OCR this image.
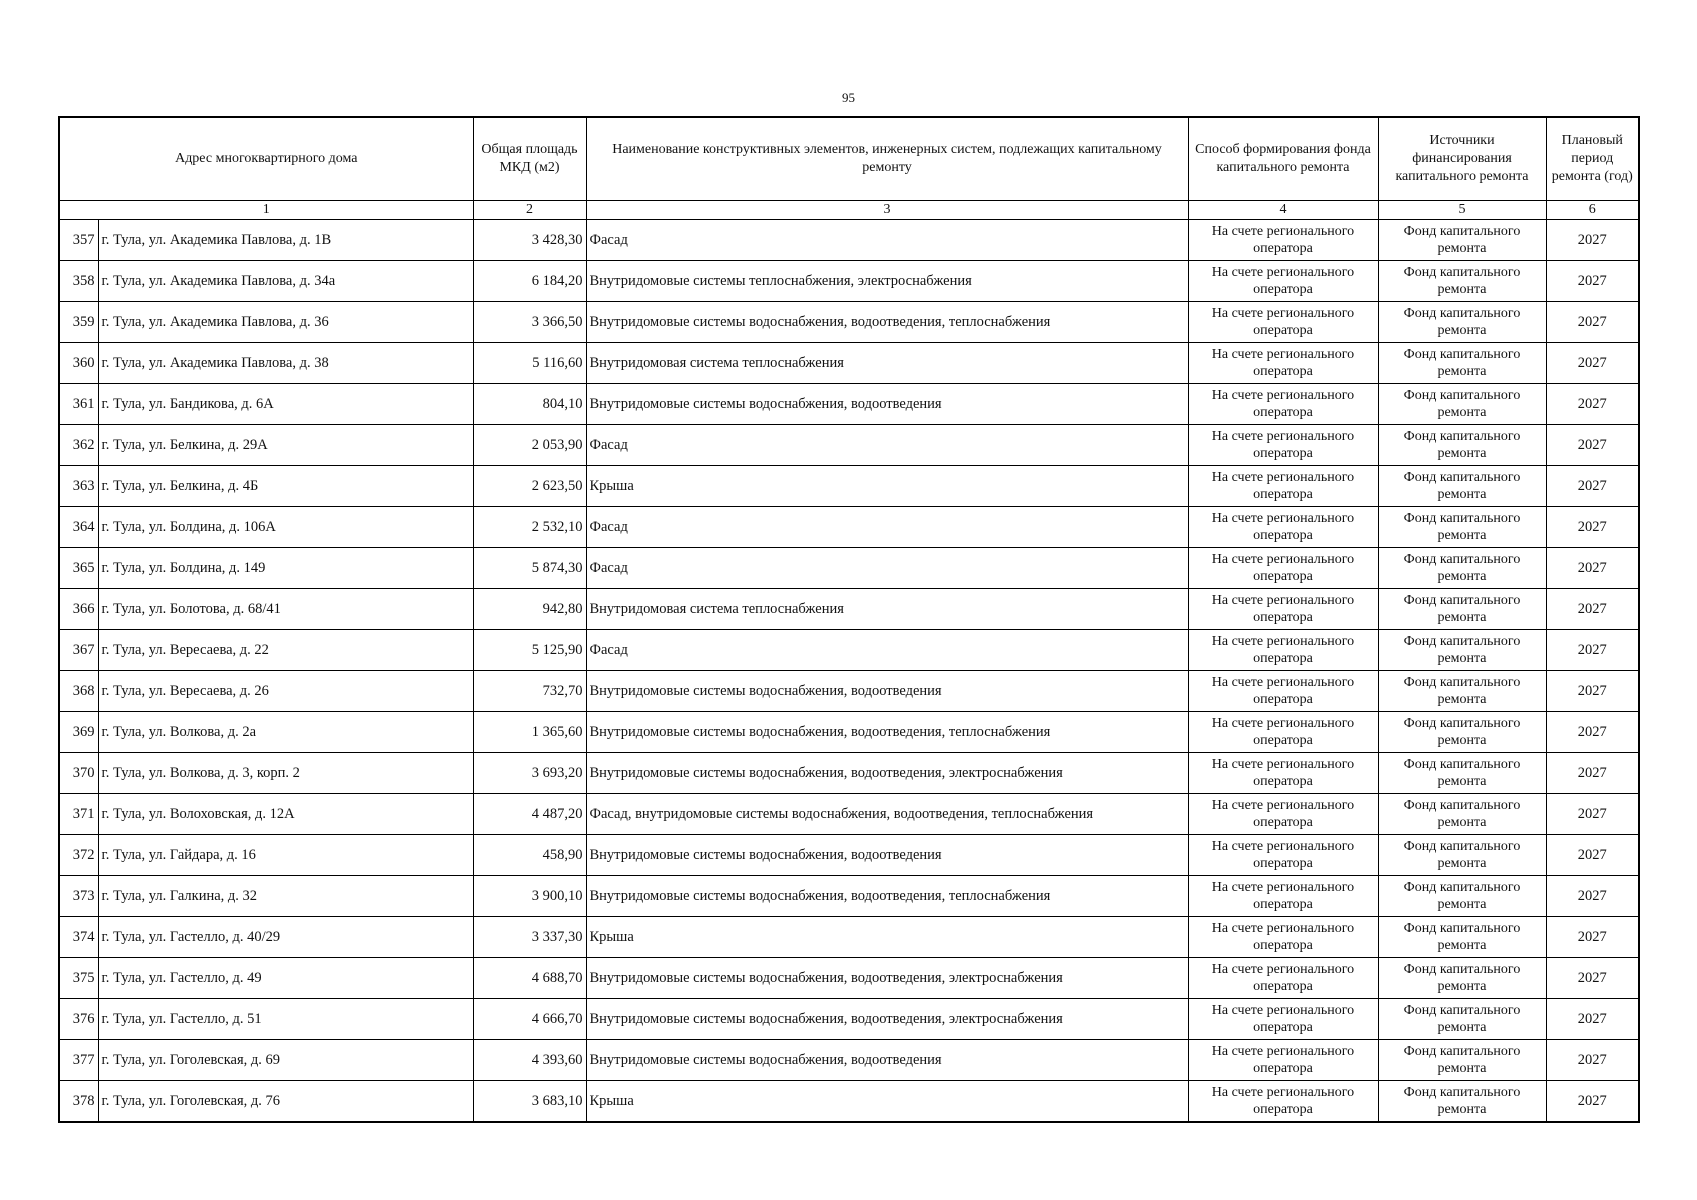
95
Адрес многоквартирного дома		Общая площадь МКД (м2)	Наименование конструктивных элементов, инженерных систем, подлежащих капитальному ремонту	Способ формирования фонда капитального ремонта	Источники финансирования капитального ремонта	Плановый период ремонта (год)
1		2	3	4	5	6
357	г. Тула, ул. Академика Павлова, д. 1В	3 428,30	Фасад	На счете регионального оператора	Фонд капитального ремонта	2027
358	г. Тула, ул. Академика Павлова, д. 34а	6 184,20	Внутридомовые системы теплоснабжения, электроснабжения	На счете регионального оператора	Фонд капитального ремонта	2027
359	г. Тула, ул. Академика Павлова, д. 36	3 366,50	Внутридомовые системы водоснабжения, водоотведения, теплоснабжения	На счете регионального оператора	Фонд капитального ремонта	2027
360	г. Тула, ул. Академика Павлова, д. 38	5 116,60	Внутридомовая система теплоснабжения	На счете регионального оператора	Фонд капитального ремонта	2027
361	г. Тула, ул. Бандикова, д. 6А	804,10	Внутридомовые системы водоснабжения, водоотведения	На счете регионального оператора	Фонд капитального ремонта	2027
362	г. Тула, ул. Белкина, д. 29А	2 053,90	Фасад	На счете регионального оператора	Фонд капитального ремонта	2027
363	г. Тула, ул. Белкина, д. 4Б	2 623,50	Крыша	На счете регионального оператора	Фонд капитального ремонта	2027
364	г. Тула, ул. Болдина, д. 106А	2 532,10	Фасад	На счете регионального оператора	Фонд капитального ремонта	2027
365	г. Тула, ул. Болдина, д. 149	5 874,30	Фасад	На счете регионального оператора	Фонд капитального ремонта	2027
366	г. Тула, ул. Болотова, д. 68/41	942,80	Внутридомовая система теплоснабжения	На счете регионального оператора	Фонд капитального ремонта	2027
367	г. Тула, ул. Вересаева, д. 22	5 125,90	Фасад	На счете регионального оператора	Фонд капитального ремонта	2027
368	г. Тула, ул. Вересаева, д. 26	732,70	Внутридомовые системы водоснабжения, водоотведения	На счете регионального оператора	Фонд капитального ремонта	2027
369	г. Тула, ул. Волкова, д. 2а	1 365,60	Внутридомовые системы водоснабжения, водоотведения, теплоснабжения	На счете регионального оператора	Фонд капитального ремонта	2027
370	г. Тула, ул. Волкова, д. 3, корп. 2	3 693,20	Внутридомовые системы водоснабжения, водоотведения, электроснабжения	На счете регионального оператора	Фонд капитального ремонта	2027
371	г. Тула, ул. Волоховская, д. 12А	4 487,20	Фасад, внутридомовые системы водоснабжения, водоотведения, теплоснабжения	На счете регионального оператора	Фонд капитального ремонта	2027
372	г. Тула, ул. Гайдара, д. 16	458,90	Внутридомовые системы водоснабжения, водоотведения	На счете регионального оператора	Фонд капитального ремонта	2027
373	г. Тула, ул. Галкина, д. 32	3 900,10	Внутридомовые системы водоснабжения, водоотведения, теплоснабжения	На счете регионального оператора	Фонд капитального ремонта	2027
374	г. Тула, ул. Гастелло, д. 40/29	3 337,30	Крыша	На счете регионального оператора	Фонд капитального ремонта	2027
375	г. Тула, ул. Гастелло, д. 49	4 688,70	Внутридомовые системы водоснабжения, водоотведения, электроснабжения	На счете регионального оператора	Фонд капитального ремонта	2027
376	г. Тула, ул. Гастелло, д. 51	4 666,70	Внутридомовые системы водоснабжения, водоотведения, электроснабжения	На счете регионального оператора	Фонд капитального ремонта	2027
377	г. Тула, ул. Гоголевская, д. 69	4 393,60	Внутридомовые системы водоснабжения, водоотведения	На счете регионального оператора	Фонд капитального ремонта	2027
378	г. Тула, ул. Гоголевская, д. 76	3 683,10	Крыша	На счете регионального оператора	Фонд капитального ремонта	2027
